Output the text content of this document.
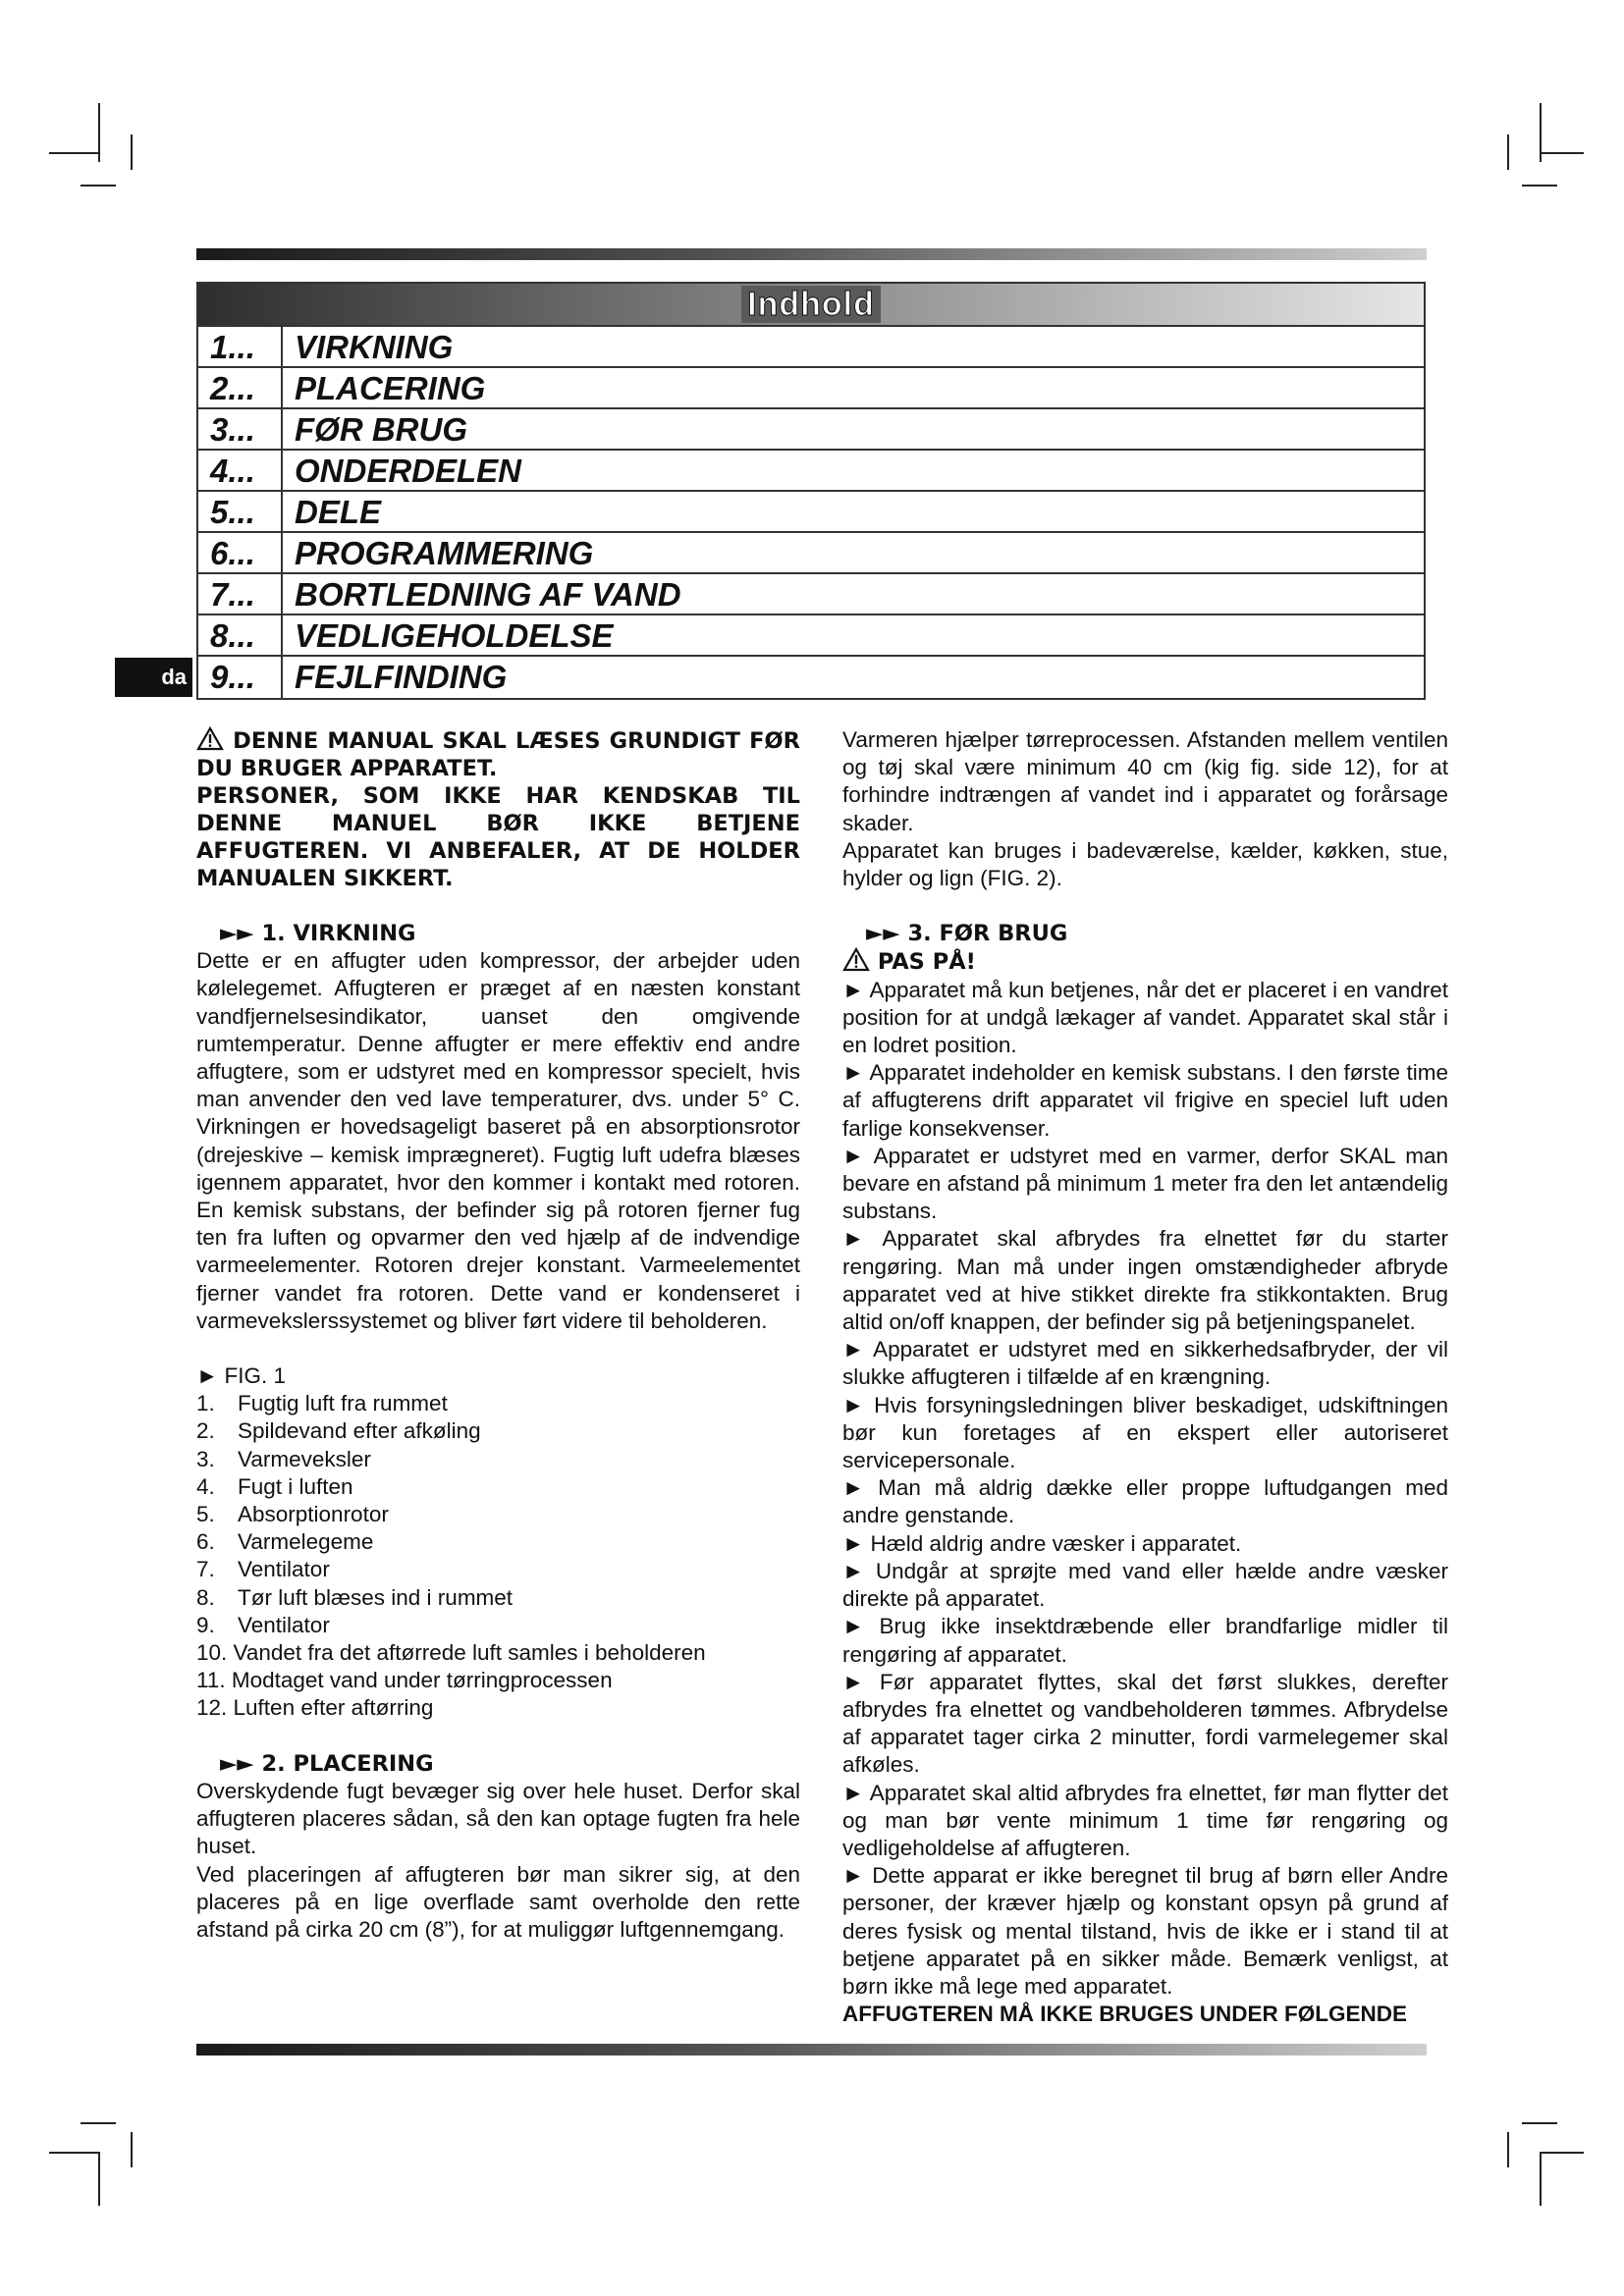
Indhold
1...	VIRKNING
2...	PLACERING
3...	FØR BRUG
4...	ONDERDELEN
5...	DELE
6...	PROGRAMMERING
7...	BORTLEDNING AF VAND
8...	VEDLIGEHOLDELSE
9...	FEJLFINDING
da

DENNE MANUAL SKAL LÆSES GRUNDIGT FØR DU BRUGER APPARATET.
PERSONER, SOM IKKE HAR KENDSKAB TIL DENNE MANUEL BØR IKKE BETJENE AFFUGTEREN. VI ANBEFALER, AT DE HOLDER MANUALEN SIKKERT.

►► 1. VIRKNING

Dette er en affugter uden kompressor, der arbejder uden kølelegemet. Affugteren er præget af en næsten konstant vandfjernelsesindikator, uanset den omgivende rumtemperatur. Denne affugter er mere effektiv end andre affugtere, som er udstyret med en kompressor specielt, hvis man anvender den ved lave temperaturer, dvs. under 5° C. Virkningen er hovedsageligt baseret på en absorptionsrotor (drejeskive – kemisk imprægneret). Fugtig luft udefra blæses igennem apparatet, hvor den kommer i kontakt med rotoren. En kemisk substans, der befinder sig på rotoren fjerner fug ten fra luften og opvarmer den ved hjælp af de indvendige varmeelementer. Rotoren drejer konstant. Varmeelementet fjerner vandet fra rotoren. Dette vand er kondenseret i varmevekslerssystemet og bliver ført videre til beholderen.

► FIG. 1

1. Fugtig luft fra rummet
2. Spildevand efter afkøling
3. Varmeveksler
4. Fugt i luften
5. Absorptionrotor
6. Varmelegeme
7. Ventilator
8. Tør luft blæses ind i rummet
9. Ventilator
10. Vandet fra det aftørrede luft samles i beholderen
11. Modtaget vand under tørringprocessen
12. Luften efter aftørring

►► 2. PLACERING

Overskydende fugt bevæger sig over hele huset. Derfor skal affugteren placeres sådan, så den kan optage fugten fra hele huset.

Ved placeringen af affugteren bør man sikrer sig, at den placeres på en lige overflade samt overholde den rette afstand på cirka 20 cm (8”), for at muliggør luftgennemgang.

Varmeren hjælper tørreprocessen. Afstanden mellem ventilen og tøj skal være minimum 40 cm (kig fig. side 12), for at forhindre indtrængen af vandet ind i apparatet og forårsage skader.

Apparatet kan bruges i badeværelse, kælder, køkken, stue, hylder og lign (FIG. 2).

►► 3. FØR BRUG

PAS PÅ!

► Apparatet må kun betjenes, når det er placeret i en vandret position for at undgå lækager af vandet. Apparatet skal står i en lodret position.

► Apparatet indeholder en kemisk substans. I den første time af affugterens drift apparatet vil frigive en speciel luft uden farlige konsekvenser.

► Apparatet er udstyret med en varmer, derfor SKAL man bevare en afstand på minimum 1 meter fra den let antændelig substans.

► Apparatet skal afbrydes fra elnettet før du starter rengøring. Man må under ingen omstændigheder afbryde apparatet ved at hive stikket direkte fra stikkontakten. Brug altid on/off knappen, der befinder sig på betjeningspanelet.

► Apparatet er udstyret med en sikkerhedsafbryder, der vil slukke affugteren i tilfælde af en krængning.

► Hvis forsyningsledningen bliver beskadiget, udskiftningen bør kun foretages af en ekspert eller autoriseret servicepersonale.

► Man må aldrig dække eller proppe luftudgangen med andre genstande.

► Hæld aldrig andre væsker i apparatet.

► Undgår at sprøjte med vand eller hælde andre væsker direkte på apparatet.

► Brug ikke insektdræbende eller brandfarlige midler til rengøring af apparatet.

► Før apparatet flyttes, skal det først slukkes, derefter afbrydes fra elnettet og vandbeholderen tømmes. Afbrydelse af apparatet tager cirka 2 minutter, fordi varmelegemer skal afkøles.

► Apparatet skal altid afbrydes fra elnettet, før man flytter det og man bør vente minimum 1 time før rengøring og vedligeholdelse af affugteren.

► Dette apparat er ikke beregnet til brug af børn eller Andre personer, der kræver hjælp og konstant opsyn på grund af deres fysisk og mental tilstand, hvis de ikke er i stand til at betjene apparatet på en sikker måde. Bemærk venligst, at børn ikke må lege med apparatet.

AFFUGTEREN MÅ IKKE BRUGES UNDER FØLGENDE
